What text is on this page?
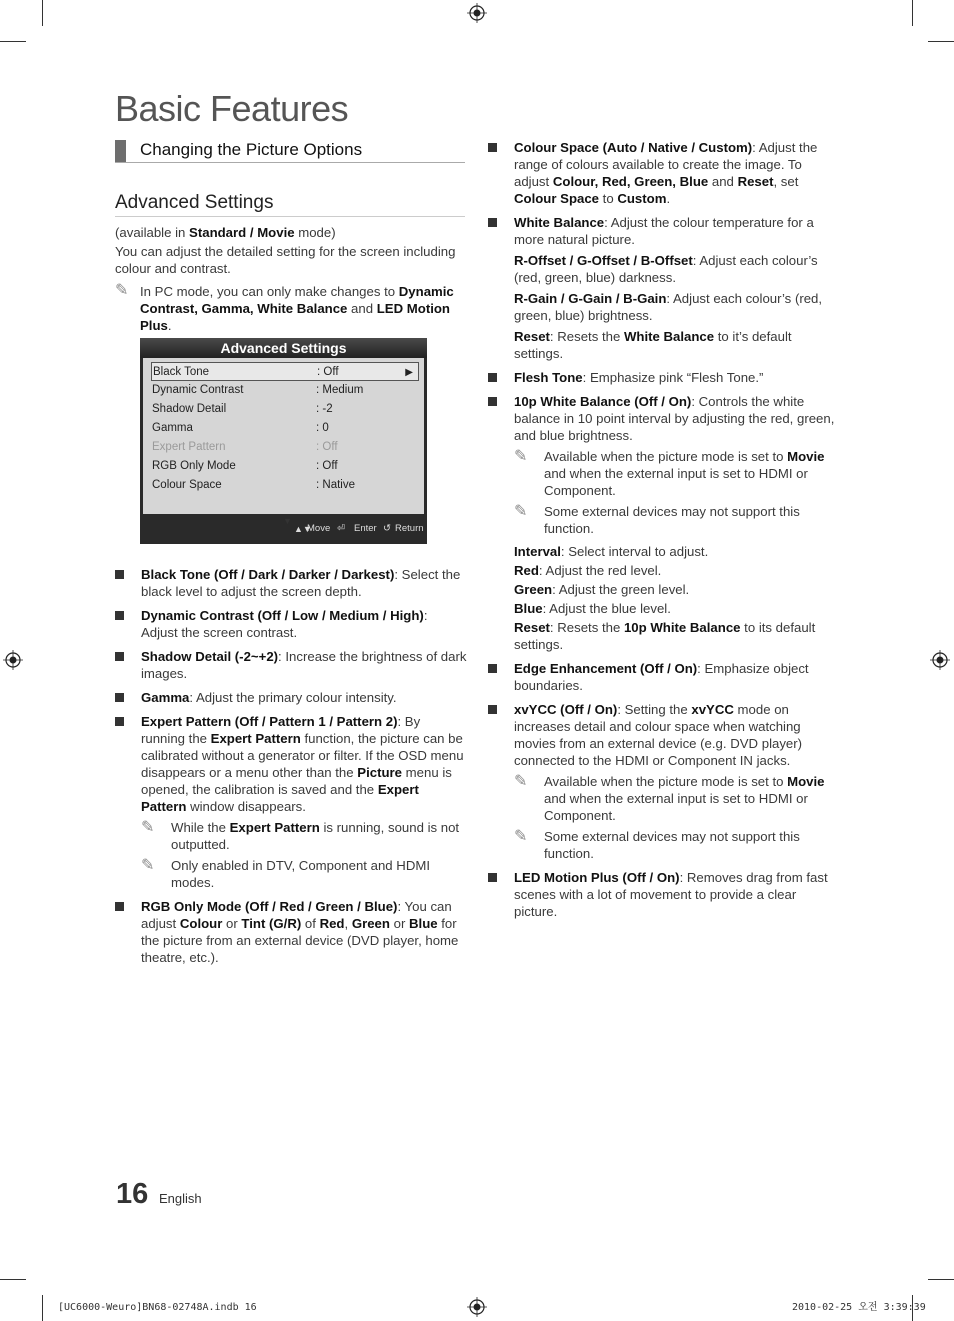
Basic Features
Changing the Picture Options
Advanced Settings
(available in Standard / Movie mode)
You can adjust the detailed setting for the screen including colour and contrast.
✎ In PC mode, you can only make changes to Dynamic Contrast, Gamma, White Balance and LED Motion Plus.
Advanced Settings
Black Tone	: Off	▶
Dynamic Contrast	: Medium
Shadow Detail	: -2
Gamma	: 0
Expert Pattern	: Off
RGB Only Mode	: Off
Colour Space	: Native
▼
▲▼
Move ⏎ Enter ↺ Return
Black Tone (Off / Dark / Darker / Darkest): Select the black level to adjust the screen depth.
Dynamic Contrast (Off / Low / Medium / High): Adjust the screen contrast.
Shadow Detail (-2~+2): Increase the brightness of dark images.
Gamma: Adjust the primary colour intensity.
Expert Pattern (Off / Pattern 1 / Pattern 2): By running the Expert Pattern function, the picture can be calibrated without a generator or filter. If the OSD menu disappears or a menu other than the Picture menu is opened, the calibration is saved and the Expert Pattern window disappears.
✎ While the Expert Pattern is running, sound is not outputted.
✎ Only enabled in DTV, Component and HDMI modes.
RGB Only Mode (Off / Red / Green / Blue): You can adjust Colour or Tint (G/R) of Red, Green or Blue for the picture from an external device (DVD player, home theatre, etc.).
Colour Space (Auto / Native / Custom): Adjust the range of colours available to create the image. To adjust Colour, Red, Green, Blue and Reset, set Colour Space to Custom.
White Balance: Adjust the colour temperature for a more natural picture.
R-Offset / G-Offset / B-Offset: Adjust each colour’s (red, green, blue) darkness.
R-Gain / G-Gain / B-Gain: Adjust each colour’s (red, green, blue) brightness.
Reset: Resets the White Balance to it’s default settings.
Flesh Tone: Emphasize pink “Flesh Tone.”
10p White Balance (Off / On): Controls the white balance in 10 point interval by adjusting the red, green, and blue brightness.
✎ Available when the picture mode is set to Movie and when the external input is set to HDMI or Component.
✎ Some external devices may not support this function.
Interval: Select interval to adjust.
Red: Adjust the red level.
Green: Adjust the green level.
Blue: Adjust the blue level.
Reset: Resets the 10p White Balance to its default settings.
Edge Enhancement (Off / On): Emphasize object boundaries.
xvYCC (Off / On): Setting the xvYCC mode on increases detail and colour space when watching movies from an external device (e.g. DVD player) connected to the HDMI or Component IN jacks.
✎ Available when the picture mode is set to Movie and when the external input is set to HDMI or Component.
✎ Some external devices may not support this function.
LED Motion Plus (Off / On): Removes drag from fast scenes with a lot of movement to provide a clear picture.
16 English
[UC6000-Weuro]BN68-02748A.indb 16	2010-02-25 오전 3:39:39
